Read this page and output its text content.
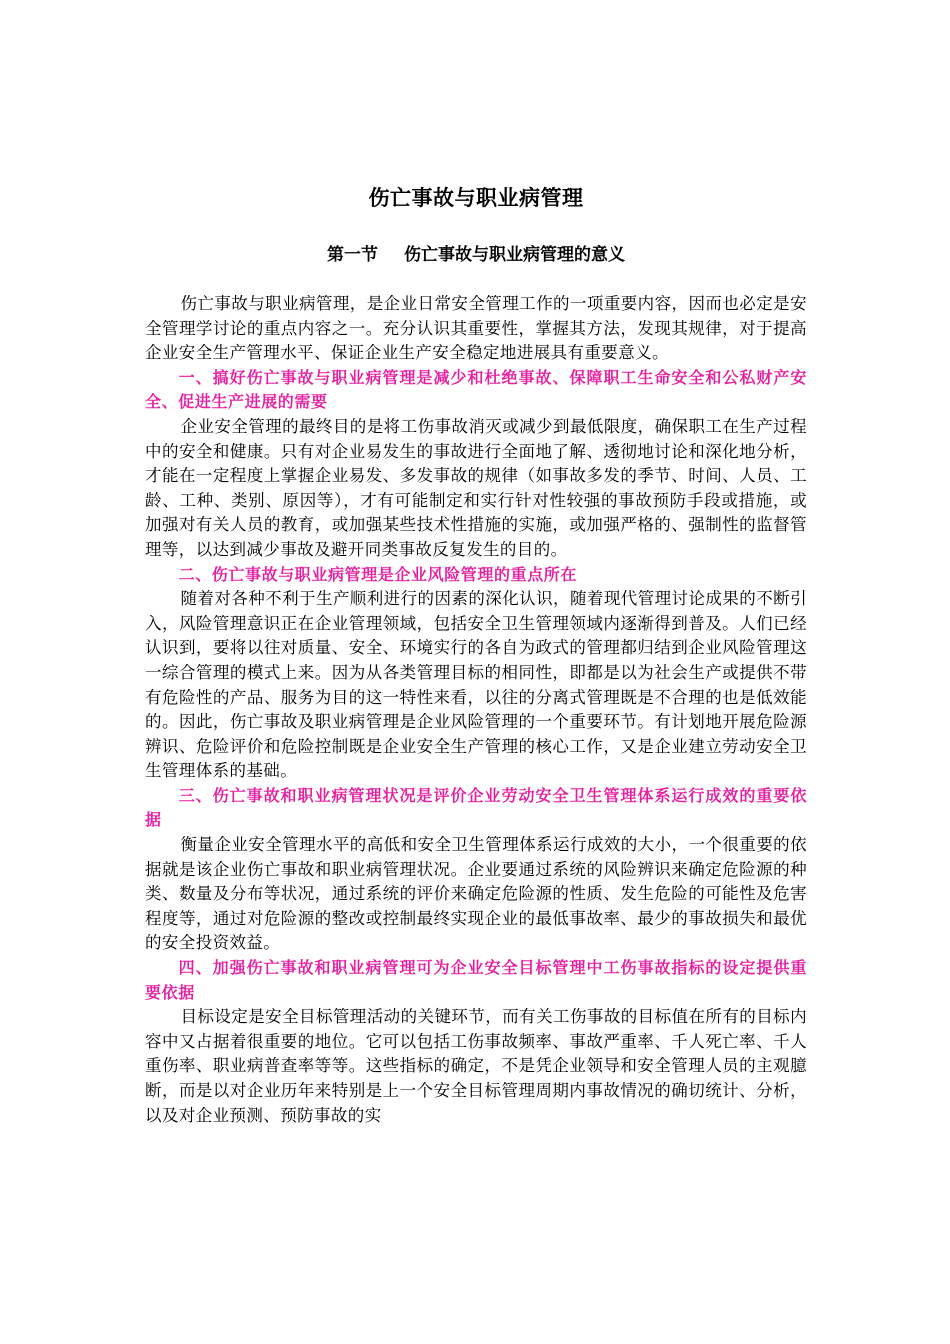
伤亡事故与职业病管理
第一节 伤亡事故与职业病管理的意义

伤亡事故与职业病管理，是企业日常安全管理工作的一项重要内容，因而也必定是安全管理学讨论的重点内容之一。充分认识其重要性，掌握其方法，发现其规律，对于提高企业安全生产管理水平、保证企业生产安全稳定地进展具有重要意义。

一、搞好伤亡事故与职业病管理是减少和杜绝事故、保障职工生命安全和公私财产安全、促进生产进展的需要

企业安全管理的最终目的是将工伤事故消灭或减少到最低限度，确保职工在生产过程中的安全和健康。只有对企业易发生的事故进行全面地了解、透彻地讨论和深化地分析，才能在一定程度上掌握企业易发、多发事故的规律（如事故多发的季节、时间、人员、工龄、工种、类别、原因等），才有可能制定和实行针对性较强的事故预防手段或措施，或加强对有关人员的教育，或加强某些技术性措施的实施，或加强严格的、强制性的监督管理等，以达到减少事故及避开同类事故反复发生的目的。

二、伤亡事故与职业病管理是企业风险管理的重点所在

随着对各种不利于生产顺利进行的因素的深化认识，随着现代管理讨论成果的不断引入，风险管理意识正在企业管理领域，包括安全卫生管理领域内逐渐得到普及。人们已经认识到，要将以往对质量、安全、环境实行的各自为政式的管理都归结到企业风险管理这一综合管理的模式上来。因为从各类管理目标的相同性，即都是以为社会生产或提供不带有危险性的产品、服务为目的这一特性来看，以往的分离式管理既是不合理的也是低效能的。因此，伤亡事故及职业病管理是企业风险管理的一个重要环节。有计划地开展危险源辨识、危险评价和危险控制既是企业安全生产管理的核心工作，又是企业建立劳动安全卫生管理体系的基础。

三、伤亡事故和职业病管理状况是评价企业劳动安全卫生管理体系运行成效的重要依据

衡量企业安全管理水平的高低和安全卫生管理体系运行成效的大小，一个很重要的依据就是该企业伤亡事故和职业病管理状况。企业要通过系统的风险辨识来确定危险源的种类、数量及分布等状况，通过系统的评价来确定危险源的性质、发生危险的可能性及危害程度等，通过对危险源的整改或控制最终实现企业的最低事故率、最少的事故损失和最优的安全投资效益。

四、加强伤亡事故和职业病管理可为企业安全目标管理中工伤事故指标的设定提供重要依据

目标设定是安全目标管理活动的关键环节，而有关工伤事故的目标值在所有的目标内容中又占据着很重要的地位。它可以包括工伤事故频率、事故严重率、千人死亡率、千人重伤率、职业病普查率等等。这些指标的确定，不是凭企业领导和安全管理人员的主观臆断，而是以对企业历年来特别是上一个安全目标管理周期内事故情况的确切统计、分析，以及对企业预测、预防事故的实
